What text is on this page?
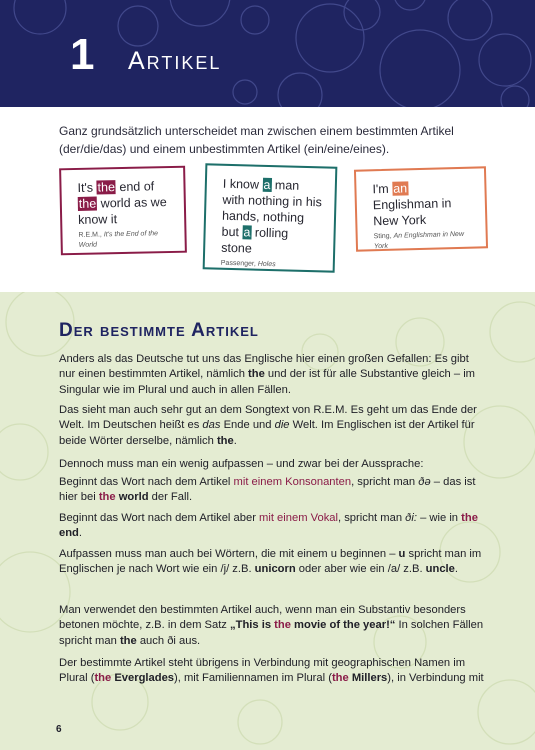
1 Artikel

Ganz grundsätzlich unterscheidet man zwischen einem bestimmten Artikel (der/die/das) und einem unbestimmten Artikel (ein/eine/eines).

It's the end of the world as we know it
R.E.M., It's the End of the World
I know a man with nothing in his hands, nothing but a rolling stone
Passenger, Holes
I'm an Englishman in New York
Sting, An Englishman in New York
Der bestimmte Artikel

Anders als das Deutsche tut uns das Englische hier einen großen Gefallen: Es gibt nur einen bestimmten Artikel, nämlich the und der ist für alle Substantive gleich – im Singular wie im Plural und auch in allen Fällen.

Das sieht man auch sehr gut an dem Songtext von R.E.M. Es geht um das Ende der Welt. Im Deutschen heißt es das Ende und die Welt. Im Englischen ist der Artikel für beide Wörter derselbe, nämlich the.

Dennoch muss man ein wenig aufpassen – und zwar bei der Aussprache:

Beginnt das Wort nach dem Artikel mit einem Konsonanten, spricht man ðə – das ist hier bei the world der Fall.

Beginnt das Wort nach dem Artikel aber mit einem Vokal, spricht man ði: – wie in the end.

Aufpassen muss man auch bei Wörtern, die mit einem u beginnen – u spricht man im Englischen je nach Wort wie ein /j/ z.B. unicorn oder aber wie ein /a/ z.B. uncle.

Man verwendet den bestimmten Artikel auch, wenn man ein Substantiv besonders betonen möchte, z.B. in dem Satz „This is the movie of the year!“ In solchen Fällen spricht man the auch ði aus.

Der bestimmte Artikel steht übrigens in Verbindung mit geographischen Namen im Plural (the Everglades), mit Familiennamen im Plural (the Millers), in Verbindung mit

6
